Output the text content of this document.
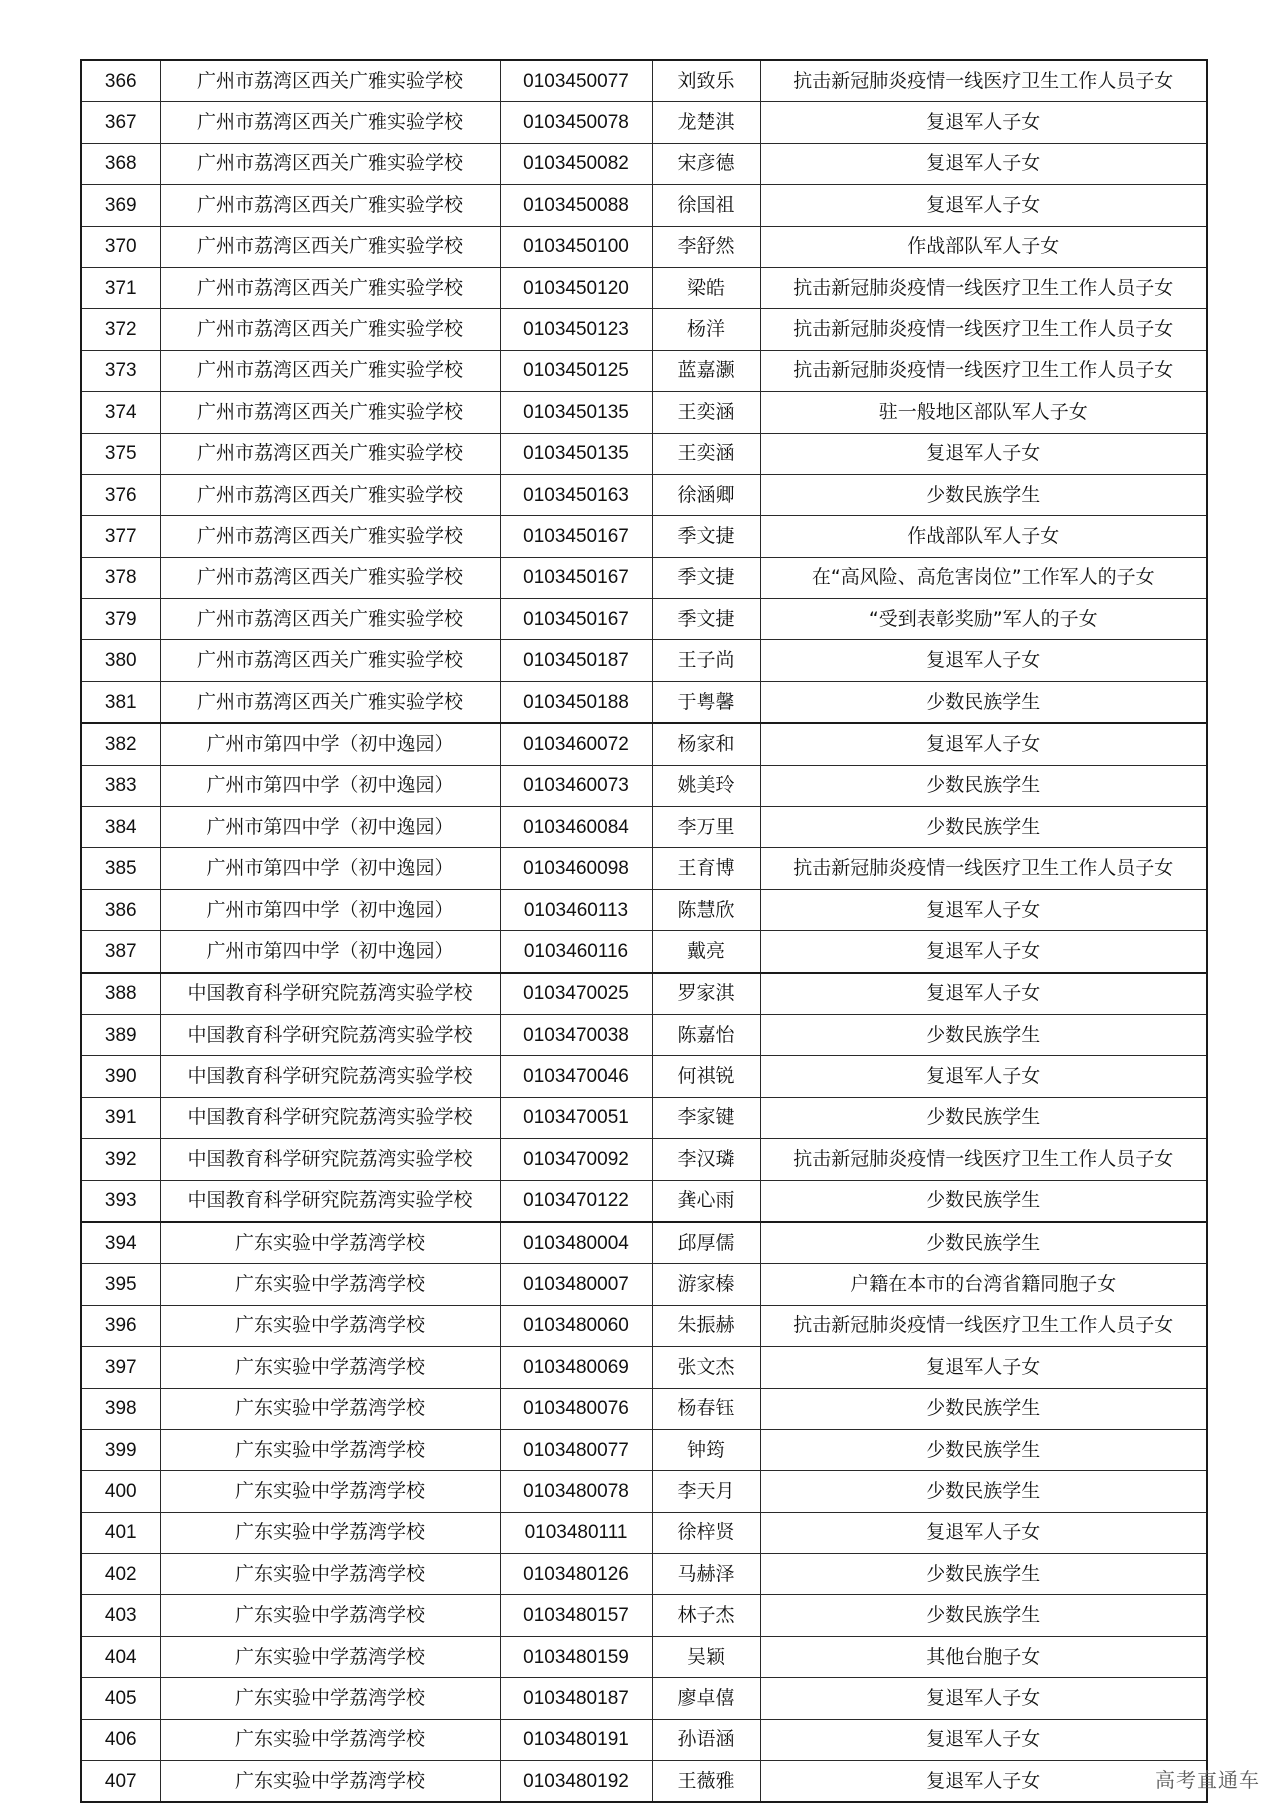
366	广州市荔湾区西关广雅实验学校	0103450077	刘致乐	抗击新冠肺炎疫情一线医疗卫生工作人员子女
367	广州市荔湾区西关广雅实验学校	0103450078	龙楚淇	复退军人子女
368	广州市荔湾区西关广雅实验学校	0103450082	宋彦德	复退军人子女
369	广州市荔湾区西关广雅实验学校	0103450088	徐国祖	复退军人子女
370	广州市荔湾区西关广雅实验学校	0103450100	李舒然	作战部队军人子女
371	广州市荔湾区西关广雅实验学校	0103450120	梁皓	抗击新冠肺炎疫情一线医疗卫生工作人员子女
372	广州市荔湾区西关广雅实验学校	0103450123	杨洋	抗击新冠肺炎疫情一线医疗卫生工作人员子女
373	广州市荔湾区西关广雅实验学校	0103450125	蓝嘉灏	抗击新冠肺炎疫情一线医疗卫生工作人员子女
374	广州市荔湾区西关广雅实验学校	0103450135	王奕涵	驻一般地区部队军人子女
375	广州市荔湾区西关广雅实验学校	0103450135	王奕涵	复退军人子女
376	广州市荔湾区西关广雅实验学校	0103450163	徐涵卿	少数民族学生
377	广州市荔湾区西关广雅实验学校	0103450167	季文捷	作战部队军人子女
378	广州市荔湾区西关广雅实验学校	0103450167	季文捷	在“高风险、高危害岗位”工作军人的子女
379	广州市荔湾区西关广雅实验学校	0103450167	季文捷	“受到表彰奖励”军人的子女
380	广州市荔湾区西关广雅实验学校	0103450187	王子尚	复退军人子女
381	广州市荔湾区西关广雅实验学校	0103450188	于粤馨	少数民族学生
382	广州市第四中学（初中逸园）	0103460072	杨家和	复退军人子女
383	广州市第四中学（初中逸园）	0103460073	姚美玲	少数民族学生
384	广州市第四中学（初中逸园）	0103460084	李万里	少数民族学生
385	广州市第四中学（初中逸园）	0103460098	王育博	抗击新冠肺炎疫情一线医疗卫生工作人员子女
386	广州市第四中学（初中逸园）	0103460113	陈慧欣	复退军人子女
387	广州市第四中学（初中逸园）	0103460116	戴亮	复退军人子女
388	中国教育科学研究院荔湾实验学校	0103470025	罗家淇	复退军人子女
389	中国教育科学研究院荔湾实验学校	0103470038	陈嘉怡	少数民族学生
390	中国教育科学研究院荔湾实验学校	0103470046	何祺锐	复退军人子女
391	中国教育科学研究院荔湾实验学校	0103470051	李家键	少数民族学生
392	中国教育科学研究院荔湾实验学校	0103470092	李汉璘	抗击新冠肺炎疫情一线医疗卫生工作人员子女
393	中国教育科学研究院荔湾实验学校	0103470122	龚心雨	少数民族学生
394	广东实验中学荔湾学校	0103480004	邱厚儒	少数民族学生
395	广东实验中学荔湾学校	0103480007	游家榛	户籍在本市的台湾省籍同胞子女
396	广东实验中学荔湾学校	0103480060	朱振赫	抗击新冠肺炎疫情一线医疗卫生工作人员子女
397	广东实验中学荔湾学校	0103480069	张文杰	复退军人子女
398	广东实验中学荔湾学校	0103480076	杨春钰	少数民族学生
399	广东实验中学荔湾学校	0103480077	钟筠	少数民族学生
400	广东实验中学荔湾学校	0103480078	李天月	少数民族学生
401	广东实验中学荔湾学校	0103480111	徐梓贤	复退军人子女
402	广东实验中学荔湾学校	0103480126	马赫泽	少数民族学生
403	广东实验中学荔湾学校	0103480157	林子杰	少数民族学生
404	广东实验中学荔湾学校	0103480159	吴颖	其他台胞子女
405	广东实验中学荔湾学校	0103480187	廖卓僖	复退军人子女
406	广东实验中学荔湾学校	0103480191	孙语涵	复退军人子女
407	广东实验中学荔湾学校	0103480192	王薇雅	复退军人子女	高考直通车
